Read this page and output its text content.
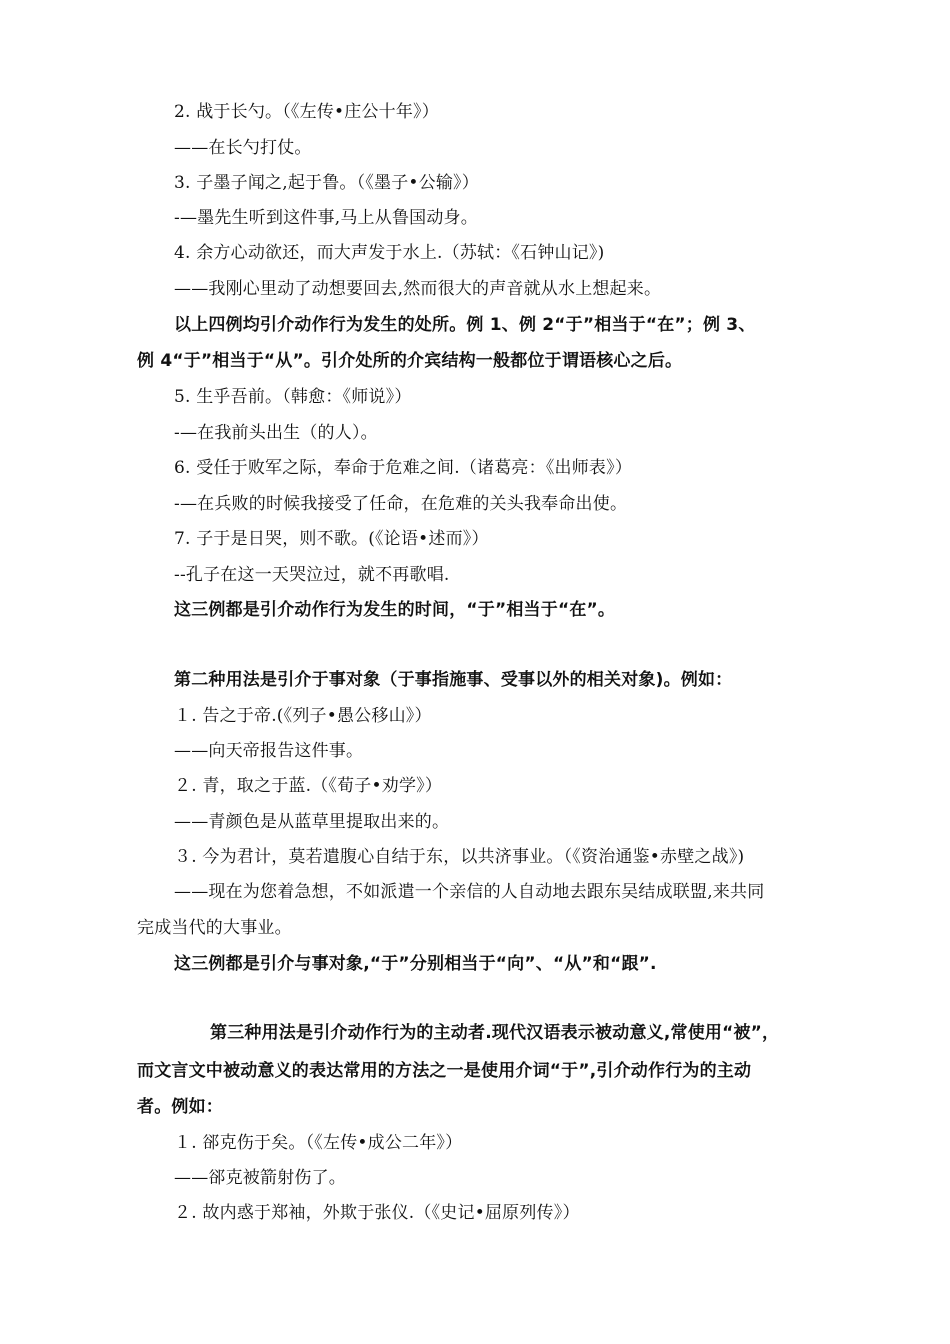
2. 战于长勺。（《左传•庄公十年》）
——在长勺打仗。
3. 子墨子闻之,起于鲁。（《墨子•公输》）
-—墨先生听到这件事,马上从鲁国动身。
4. 余方心动欲还，而大声发于水上.（苏轼：《石钟山记》)
——我刚心里动了动想要回去,然而很大的声音就从水上想起来。
以上四例均引介动作行为发生的处所。例 1、例 2“于”相当于“在”；例 3、
例 4“于”相当于“从”。引介处所的介宾结构一般都位于谓语核心之后。
5. 生乎吾前。（韩愈：《师说》）
-—在我前头出生（的人）。
6. 受任于败军之际，奉命于危难之间.（诸葛亮：《出师表》）
-—在兵败的时候我接受了任命，在危难的关头我奉命出使。
7. 子于是日哭，则不歌。(《论语•述而》）
--孔子在这一天哭泣过，就不再歌唱.
这三例都是引介动作行为发生的时间，“于”相当于“在”。
第二种用法是引介于事对象（于事指施事、受事以外的相关对象)。例如：
１. 告之于帝.(《列子•愚公移山》）
——向天帝报告这件事。
２. 青，取之于蓝.（《荀子•劝学》）
——青颜色是从蓝草里提取出来的。
３. 今为君计，莫若遣腹心自结于东，以共济事业。（《资治通鉴•赤壁之战》)
——现在为您着急想，不如派遣一个亲信的人自动地去跟东吴结成联盟,来共同
完成当代的大事业。
这三例都是引介与事对象,“于”分别相当于“向”、“从”和“跟”.
第三种用法是引介动作行为的主动者.现代汉语表示被动意义,常使用“被”，
而文言文中被动意义的表达常用的方法之一是使用介词“于”,引介动作行为的主动
者。例如：
１. 郤克伤于矣。（《左传•成公二年》）
——郤克被箭射伤了。
２. 故内惑于郑袖，外欺于张仪.（《史记•屈原列传》）
